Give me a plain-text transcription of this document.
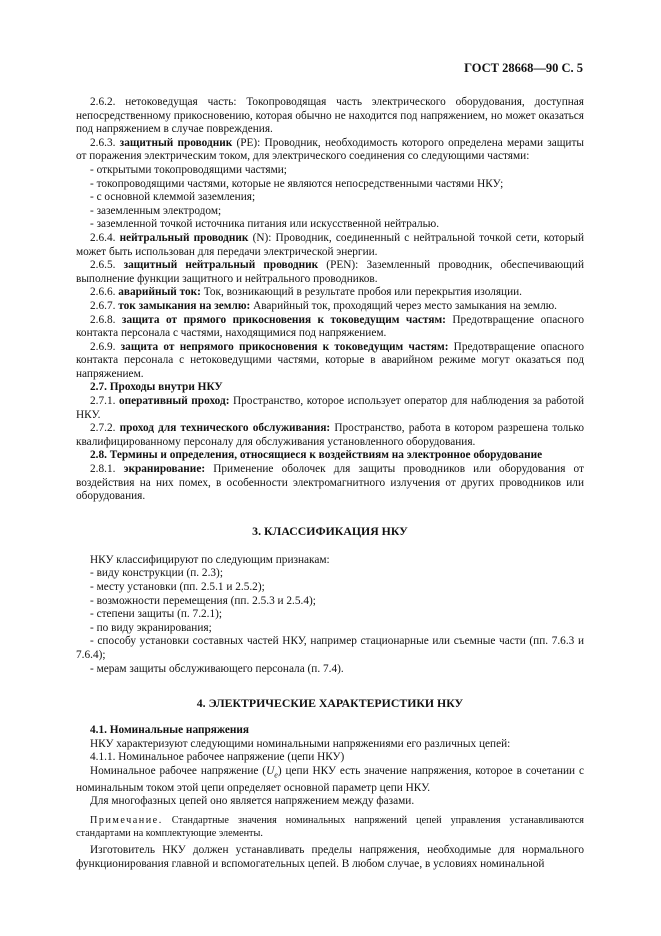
ГОСТ 28668—90 С. 5

2.6.2. нетоковедущая часть: Токопроводящая часть электрического оборудования, доступная непосредственному прикосновению, которая обычно не находится под напряжением, но может оказаться под напряжением в случае повреждения.

2.6.3. защитный проводник (PE): Проводник, необходимость которого определена мерами защиты от поражения электрическим током, для электрического соединения со следующими частями:

- открытыми токопроводящими частями;

- токопроводящими частями, которые не являются непосредственными частями НКУ;

- с основной клеммой заземления;

- заземленным электродом;

- заземленной точкой источника питания или искусственной нейтралью.

2.6.4. нейтральный проводник (N): Проводник, соединенный с нейтральной точкой сети, который может быть использован для передачи электрической энергии.

2.6.5. защитный нейтральный проводник (PEN): Заземленный проводник, обеспечивающий выполнение функции защитного и нейтрального проводников.

2.6.6. аварийный ток: Ток, возникающий в результате пробоя или перекрытия изоляции.

2.6.7. ток замыкания на землю: Аварийный ток, проходящий через место замыкания на землю.

2.6.8. защита от прямого прикосновения к токоведущим частям: Предотвращение опасного контакта персонала с частями, находящимися под напряжением.

2.6.9. защита от непрямого прикосновения к токоведущим частям: Предотвращение опасного контакта персонала с нетоковедущими частями, которые в аварийном режиме могут оказаться под напряжением.

2.7. Проходы внутри НКУ

2.7.1. оперативный проход: Пространство, которое использует оператор для наблюдения за работой НКУ.

2.7.2. проход для технического обслуживания: Пространство, работа в котором разрешена только квалифицированному персоналу для обслуживания установленного оборудования.

2.8. Термины и определения, относящиеся к воздействиям на электронное оборудование

2.8.1. экранирование: Применение оболочек для защиты проводников или оборудования от воздействия на них помех, в особенности электромагнитного излучения от других проводников или оборудования.

3. КЛАССИФИКАЦИЯ НКУ

НКУ классифицируют по следующим признакам:

- виду конструкции (п. 2.3);

- месту установки (пп. 2.5.1 и 2.5.2);

- возможности перемещения (пп. 2.5.3 и 2.5.4);

- степени защиты (п. 7.2.1);

- по виду экранирования;

- способу установки составных частей НКУ, например стационарные или съемные части (пп. 7.6.3 и 7.6.4);

- мерам защиты обслуживающего персонала (п. 7.4).

4. ЭЛЕКТРИЧЕСКИЕ ХАРАКТЕРИСТИКИ НКУ

4.1. Номинальные напряжения

НКУ характеризуют следующими номинальными напряжениями его различных цепей:

4.1.1. Номинальное рабочее напряжение (цепи НКУ)

Номинальное рабочее напряжение $(U_e)$ цепи НКУ есть значение напряжения, которое в сочетании с номинальным током этой цепи определяет основной параметр цепи НКУ.

Для многофазных цепей оно является напряжением между фазами.

Примечание. Стандартные значения номинальных напряжений цепей управления устанавливаются стандартами на комплектующие элементы.

Изготовитель НКУ должен устанавливать пределы напряжения, необходимые для нормального функционирования главной и вспомогательных цепей. В любом случае, в условиях номинальной
